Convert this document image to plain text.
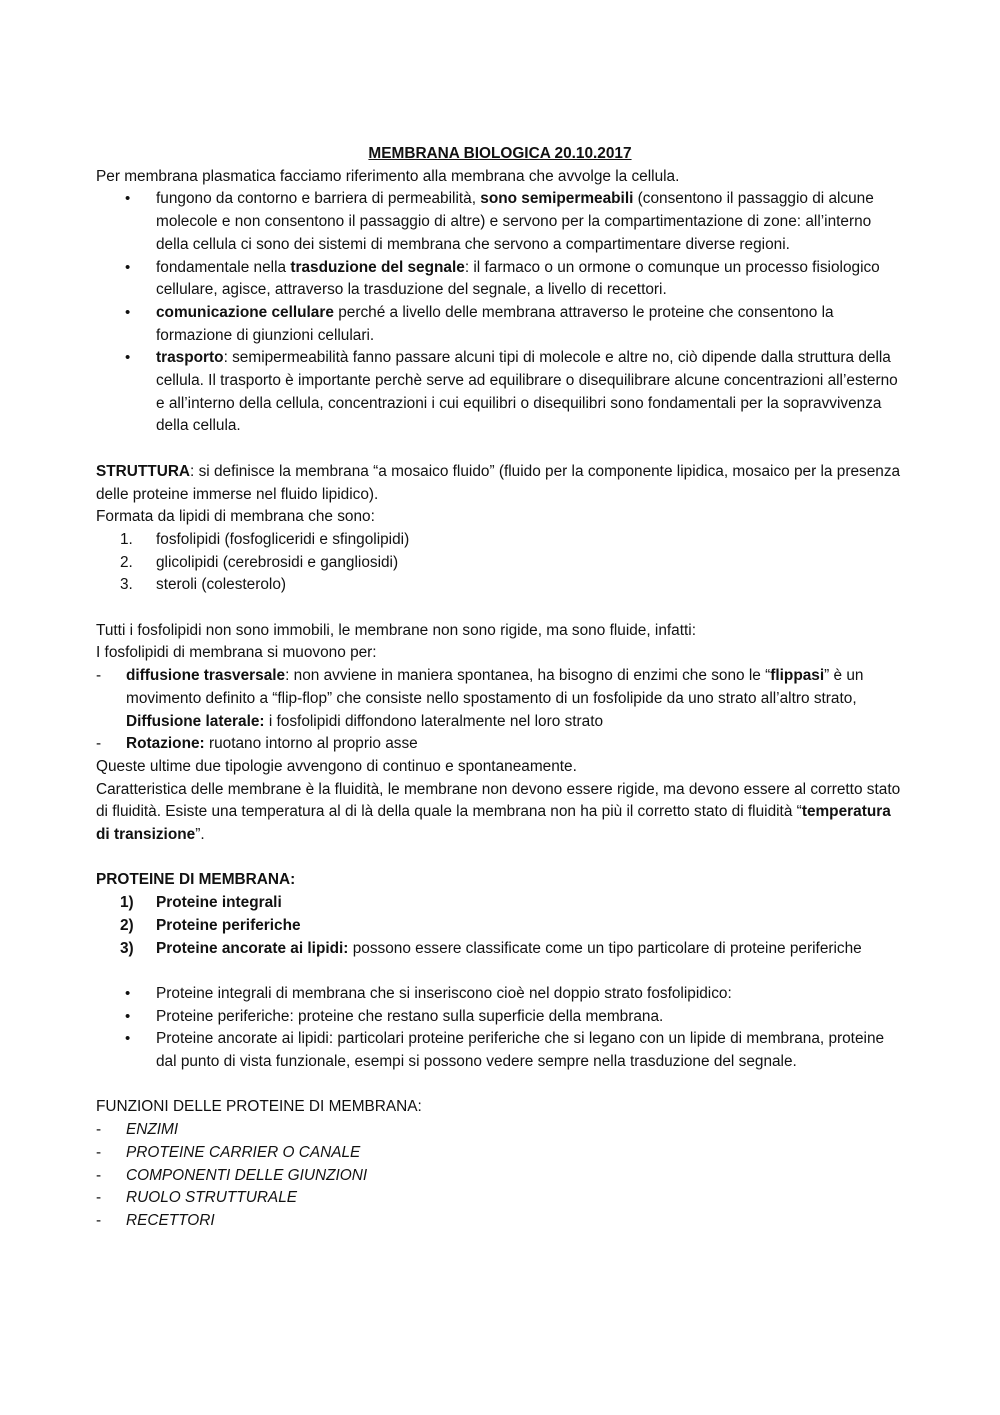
MEMBRANA BIOLOGICA 20.10.2017

Per membrana plasmatica facciamo riferimento alla membrana che avvolge la cellula.

• fungono da contorno e barriera di permeabilità, sono semipermeabili (consentono il passaggio di alcune molecole e non consentono il passaggio di altre) e servono per la compartimentazione di zone: all’interno della cellula ci sono dei sistemi di membrana che servono a compartimentare diverse regioni.
• fondamentale nella trasduzione del segnale: il farmaco o un ormone o comunque un processo fisiologico cellulare, agisce, attraverso la trasduzione del segnale, a livello di recettori.
• comunicazione cellulare perché a livello delle membrana attraverso le proteine che consentono la formazione di giunzioni cellulari.
• trasporto: semipermeabilità fanno passare alcuni tipi di molecole e altre no, ciò dipende dalla struttura della cellula. Il trasporto è importante perchè serve ad equilibrare o disequilibrare alcune concentrazioni all’esterno e all’interno della cellula, concentrazioni i cui equilibri o disequilibri sono fondamentali per la sopravvivenza della cellula.

STRUTTURA: si definisce la membrana “a mosaico fluido” (fluido per la componente lipidica, mosaico per la presenza delle proteine immerse nel fluido lipidico).

Formata da lipidi di membrana che sono:

1. fosfolipidi (fosfogliceridi e sfingolipidi)
2. glicolipidi (cerebrosidi e gangliosidi)
3. steroli (colesterolo)

Tutti i fosfolipidi non sono immobili, le membrane non sono rigide, ma sono fluide, infatti:

I fosfolipidi di membrana si muovono per:

- diffusione trasversale: non avviene in maniera spontanea, ha bisogno di enzimi che sono le “flippasi” è un movimento definito a “flip-flop” che consiste nello spostamento di un fosfolipide da uno strato all’altro strato, Diffusione laterale: i fosfolipidi diffondono lateralmente nel loro strato
- Rotazione: ruotano intorno al proprio asse

Queste ultime due tipologie avvengono di continuo e spontaneamente.

Caratteristica delle membrane è la fluidità, le membrane non devono essere rigide, ma devono essere al corretto stato di fluidità. Esiste una temperatura al di là della quale la membrana non ha più il corretto stato di fluidità “temperatura di transizione”.

PROTEINE DI MEMBRANA:

1) Proteine integrali
2) Proteine periferiche
3) Proteine ancorate ai lipidi: possono essere classificate come un tipo particolare di proteine periferiche
• Proteine integrali di membrana che si inseriscono cioè nel doppio strato fosfolipidico:
• Proteine periferiche: proteine che restano sulla superficie della membrana.
• Proteine ancorate ai lipidi: particolari proteine periferiche che si legano con un lipide di membrana, proteine dal punto di vista funzionale, esempi si possono vedere sempre nella trasduzione del segnale.

FUNZIONI DELLE PROTEINE DI MEMBRANA:

- ENZIMI
- PROTEINE CARRIER O CANALE
- COMPONENTI DELLE GIUNZIONI
- RUOLO STRUTTURALE
- RECETTORI
